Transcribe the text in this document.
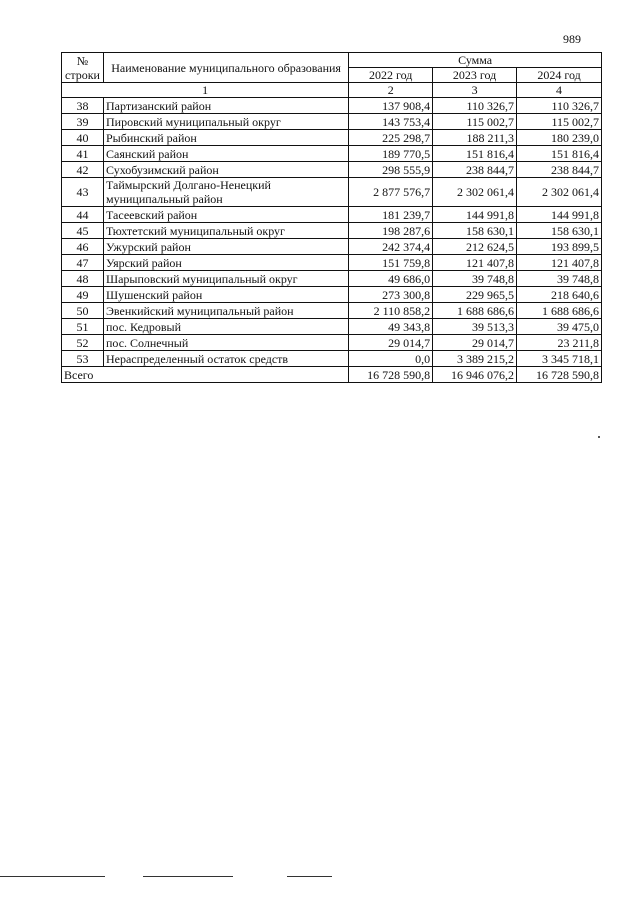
989
№ строки	Наименование муниципального образования	Сумма		
		2022 год	2023 год	2024 год
1		2	3	4
38	Партизанский район	137 908,4	110 326,7	110 326,7
39	Пировский муниципальный округ	143 753,4	115 002,7	115 002,7
40	Рыбинский район	225 298,7	188 211,3	180 239,0
41	Саянский район	189 770,5	151 816,4	151 816,4
42	Сухобузимский район	298 555,9	238 844,7	238 844,7
43	Таймырский Долгано-Ненецкий муниципальный район	2 877 576,7	2 302 061,4	2 302 061,4
44	Тасеевский район	181 239,7	144 991,8	144 991,8
45	Тюхтетский муниципальный округ	198 287,6	158 630,1	158 630,1
46	Ужурский район	242 374,4	212 624,5	193 899,5
47	Уярский район	151 759,8	121 407,8	121 407,8
48	Шарыповский муниципальный округ	49 686,0	39 748,8	39 748,8
49	Шушенский район	273 300,8	229 965,5	218 640,6
50	Эвенкийский муниципальный район	2 110 858,2	1 688 686,6	1 688 686,6
51	пос. Кедровый	49 343,8	39 513,3	39 475,0
52	пос. Солнечный	29 014,7	29 014,7	23 211,8
53	Нераспределенный остаток средств	0,0	3 389 215,2	3 345 718,1
Всего		16 728 590,8	16 946 076,2	16 728 590,8
